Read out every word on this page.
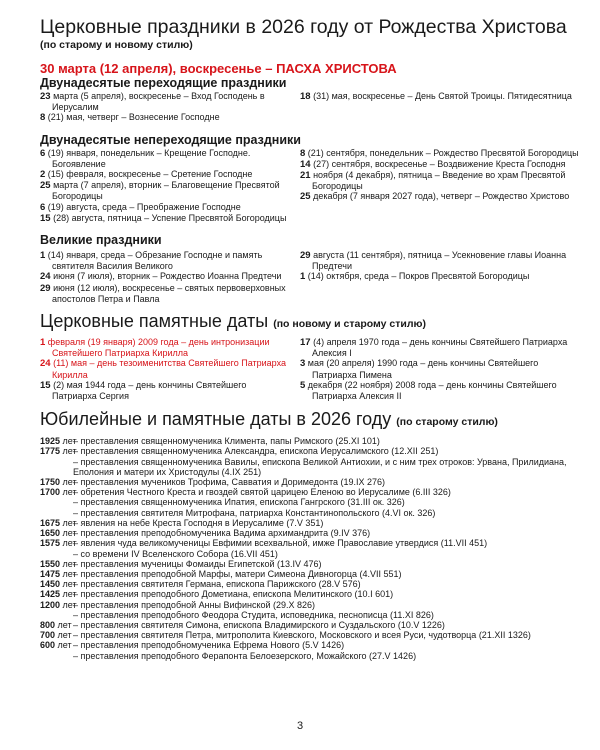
Церковные праздники в 2026 году от Рождества Христова
(по старому и новому стилю)
30 марта (12 апреля), воскресенье – ПАСХА ХРИСТОВА
Двунадесятые переходящие праздники
23 марта (5 апреля), воскресенье – Вход Господень в Иерусалим
8 (21) мая, четверг – Вознесение Господне
18 (31) мая, воскресенье – День Святой Троицы. Пятидесятница
Двунадесятые непереходящие праздники
6 (19) января, понедельник – Крещение Господне. Богоявление
2 (15) февраля, воскресенье – Сретение Господне
25 марта (7 апреля), вторник – Благовещение Пресвятой Богородицы
6 (19) августа, среда – Преображение Господне
15 (28) августа, пятница – Успение Пресвятой Богородицы
8 (21) сентября, понедельник – Рождество Пресвятой Богородицы
14 (27) сентября, воскресенье – Воздвижение Креста Господня
21 ноября (4 декабря), пятница – Введение во храм Пресвятой Богородицы
25 декабря (7 января 2027 года), четверг – Рождество Христово
Великие праздники
1 (14) января, среда – Обрезание Господне и память святителя Василия Великого
24 июня (7 июля), вторник – Рождество Иоанна Предтечи
29 июня (12 июля), воскресенье – святых первоверховных апостолов Петра и Павла
29 августа (11 сентября), пятница – Усекновение главы Иоанна Предтечи
1 (14) октября, среда – Покров Пресвятой Богородицы
Церковные памятные даты (по новому и старому стилю)
1 февраля (19 января) 2009 года – день интронизации Святейшего Патриарха Кирилла
24 (11) мая – день тезоименитства Святейшего Патриарха Кирилла
15 (2) мая 1944 года – день кончины Святейшего Патриарха Сергия
17 (4) апреля 1970 года – день кончины Святейшего Патриарха Алексия I
3 мая (20 апреля) 1990 года – день кончины Святейшего Патриарха Пимена
5 декабря (22 ноября) 2008 года – день кончины Святейшего Патриарха Алексия II
Юбилейные и памятные даты в 2026 году (по старому стилю)
1925 лет
– преставления священномученика Климента, папы Римского (25.XI 101)
1775 лет
– преставления священномученика Александра, епископа Иерусалимского (12.XII 251)
– преставления священномученика Вавилы, епископа Великой Антиохии, и с ним трех отроков: Урвана, Прилидиана, Еполония и матери их Христодулы (4.IX 251)
1750 лет
– преставления мучеников Трофима, Савватия и Доримедонта (19.IX 276)
1700 лет
– обретения Честного Креста и гвоздей святой царицею Еленою во Иерусалиме (6.III 326)
– преставления священномученика Ипатия, епископа Гангрского (31.III ок. 326)
– преставления святителя Митрофана, патриарха Константинопольского (4.VI ок. 326)
1675 лет
– явления на небе Креста Господня в Иерусалиме (7.V 351)
1650 лет
– преставления преподобномученика Вадима архимандрита (9.IV 376)
1575 лет
– явления чуда великомученицы Евфимии всехвальной, имже Православие утвердися (11.VII 451)
– со времени IV Вселенского Собора (16.VII 451)
1550 лет
– преставления мученицы Фомаиды Египетской (13.IV 476)
1475 лет
– преставления преподобной Марфы, матери Симеона Дивногорца (4.VII 551)
1450 лет
– преставления святителя Германа, епископа Парижского (28.V 576)
1425 лет
– преставления преподобного Дометиана, епископа Мелитинского (10.I 601)
1200 лет
– преставления преподобной Анны Вифинской (29.X 826)
– преставления преподобного Феодора Студита, исповедника, песнописца (11.XI 826)
800 лет – преставления святителя Симона, епископа Владимирского и Суздальского (10.V 1226)
700 лет – преставления святителя Петра, митрополита Киевского, Московского и всея Руси, чудотворца (21.XII 1326)
600 лет – преставления преподобномученика Ефрема Нового (5.V 1426)
– преставления преподобного Ферапонта Белоезерского, Можайского (27.V 1426)
3
